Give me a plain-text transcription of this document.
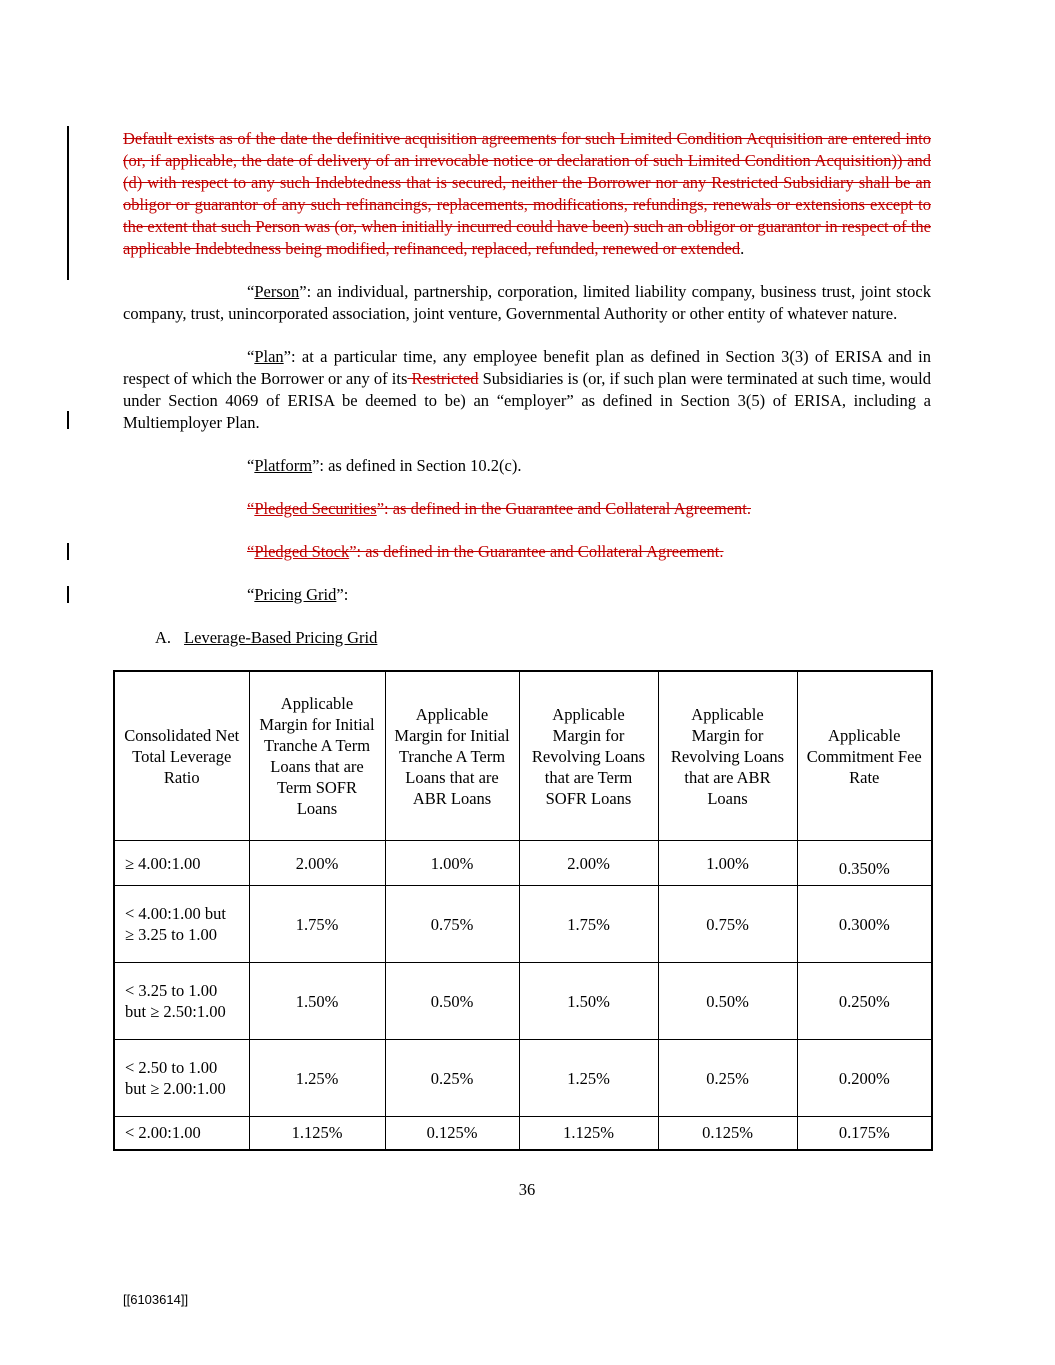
Default exists as of the date the definitive acquisition agreements for such Limited Condition Acquisition are entered into (or, if applicable, the date of delivery of an irrevocable notice or declaration of such Limited Condition Acquisition)) and (d) with respect to any such Indebtedness that is secured, neither the Borrower nor any Restricted Subsidiary shall be an obligor or guarantor of any such refinancings, replacements, modifications, refundings, renewals or extensions except to the extent that such Person was (or, when initially incurred could have been) such an obligor or guarantor in respect of the applicable Indebtedness being modified, refinanced, replaced, refunded, renewed or extended.

“Person”: an individual, partnership, corporation, limited liability company, business trust, joint stock company, trust, unincorporated association, joint venture, Governmental Authority or other entity of whatever nature.

“Plan”: at a particular time, any employee benefit plan as defined in Section 3(3) of ERISA and in respect of which the Borrower or any of its Restricted Subsidiaries is (or, if such plan were terminated at such time, would under Section 4069 of ERISA be deemed to be) an “employer” as defined in Section 3(5) of ERISA, including a Multiemployer Plan.

“Platform”: as defined in Section 10.2(c).

“Pledged Securities”: as defined in the Guarantee and Collateral Agreement.

“Pledged Stock”: as defined in the Guarantee and Collateral Agreement.

“Pricing Grid”:

A. Leverage-Based Pricing Grid

Consolidated Net Total Leverage Ratio	Applicable Margin for Initial Tranche A Term Loans that are Term SOFR Loans	Applicable Margin for Initial Tranche A Term Loans that are ABR Loans	Applicable Margin for Revolving Loans that are Term SOFR Loans	Applicable Margin for Revolving Loans that are ABR Loans	Applicable Commitment Fee Rate
≥ 4.00:1.00	2.00%	1.00%	2.00%	1.00%	0.350%
< 4.00:1.00 but ≥ 3.25 to 1.00	1.75%	0.75%	1.75%	0.75%	0.300%
< 3.25 to 1.00 but ≥ 2.50:1.00	1.50%	0.50%	1.50%	0.50%	0.250%
< 2.50 to 1.00 but ≥ 2.00:1.00	1.25%	0.25%	1.25%	0.25%	0.200%
< 2.00:1.00	1.125%	0.125%	1.125%	0.125%	0.175%
36
[[6103614]]
